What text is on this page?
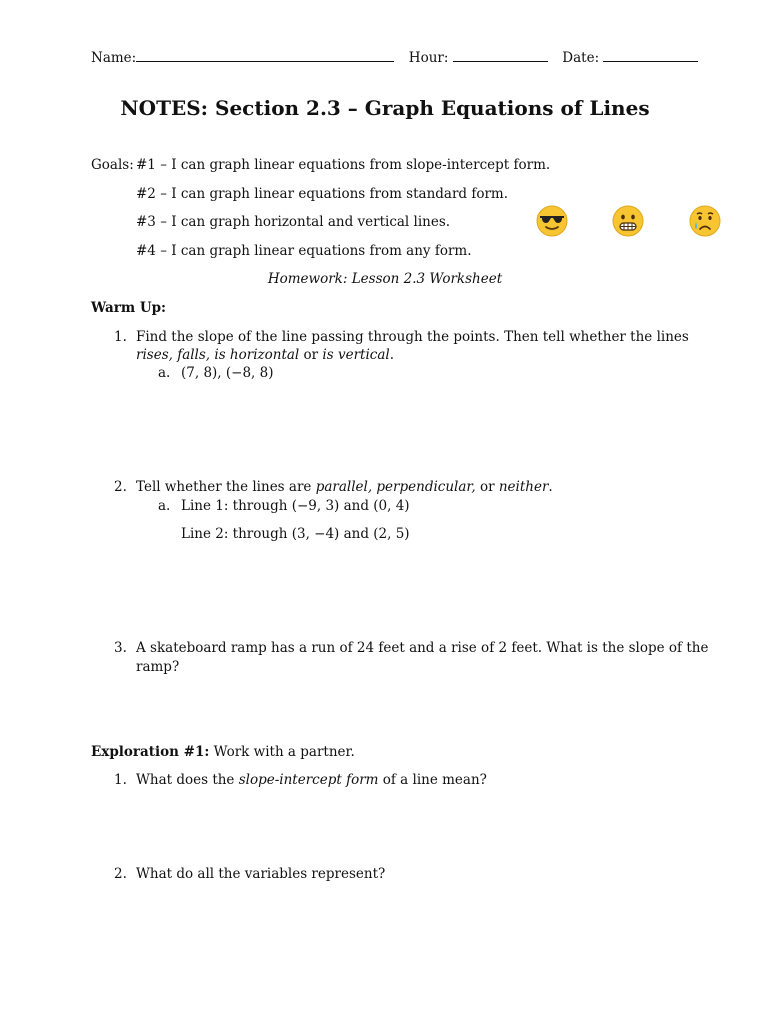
Name:	Hour:	Date:
NOTES: Section 2.3 – Graph Equations of Lines
Goals: #1 – I can graph linear equations from slope-intercept form.
#2 – I can graph linear equations from standard form.
#3 – I can graph horizontal and vertical lines.
#4 – I can graph linear equations from any form.
Homework: Lesson 2.3 Worksheet
Warm Up:
1. Find the slope of the line passing through the points. Then tell whether the lines
rises, falls, is horizontal or is vertical.
a. (7, 8), (−8, 8)
2. Tell whether the lines are parallel, perpendicular, or neither.
a. Line 1: through (−9, 3) and (0, 4)
Line 2: through (3, −4) and (2, 5)
3. A skateboard ramp has a run of 24 feet and a rise of 2 feet. What is the slope of the
ramp?
Exploration #1: Work with a partner.
1. What does the slope-intercept form of a line mean?
2. What do all the variables represent?
